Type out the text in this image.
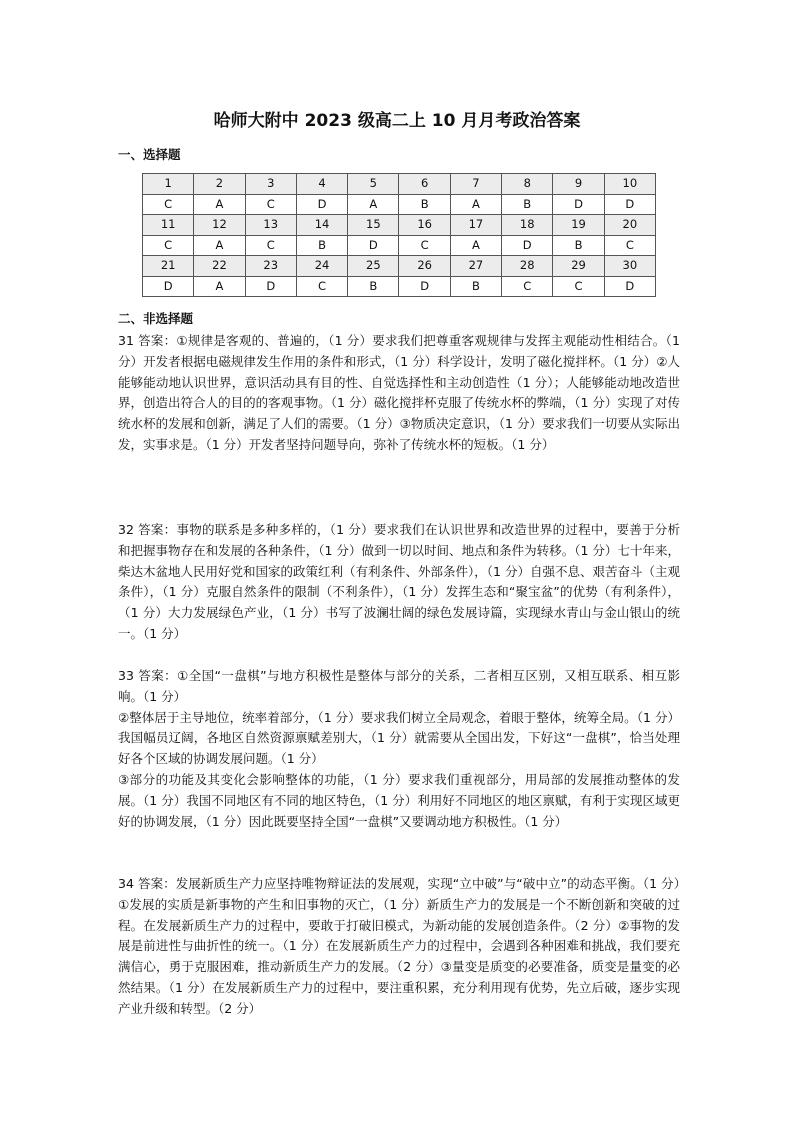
哈师大附中 2023 级高二上 10 月月考政治答案
一、选择题
1	2	3	4	5	6	7	8	9	10
C	A	C	D	A	B	A	B	D	D
11	12	13	14	15	16	17	18	19	20
C	A	C	B	D	C	A	D	B	C
21	22	23	24	25	26	27	28	29	30
D	A	D	C	B	D	B	C	C	D
二、非选择题

31 答案：①规律是客观的、普遍的，（1 分）要求我们把尊重客观规律与发挥主观能动性相结合。（1 分）开发者根据电磁规律发生作用的条件和形式，（1 分）科学设计，发明了磁化搅拌杯。（1 分）②人能够能动地认识世界，意识活动具有目的性、自觉选择性和主动创造性（1 分）；人能够能动地改造世界，创造出符合人的目的的客观事物。（1 分）磁化搅拌杯克服了传统水杯的弊端，（1 分）实现了对传统水杯的发展和创新，满足了人们的需要。（1 分）③物质决定意识，（1 分）要求我们一切要从实际出发，实事求是。（1 分）开发者坚持问题导向，弥补了传统水杯的短板。（1 分）

32 答案：事物的联系是多种多样的，（1 分）要求我们在认识世界和改造世界的过程中，要善于分析和把握事物存在和发展的各种条件，（1 分）做到一切以时间、地点和条件为转移。（1 分）七十年来，柴达木盆地人民用好党和国家的政策红利（有利条件、外部条件），（1 分）自强不息、艰苦奋斗（主观条件），（1 分）克服自然条件的限制（不利条件），（1 分）发挥生态和“聚宝盆”的优势（有利条件），（1 分）大力发展绿色产业，（1 分）书写了波澜壮阔的绿色发展诗篇，实现绿水青山与金山银山的统一。（1 分）

33 答案：①全国“一盘棋”与地方积极性是整体与部分的关系，二者相互区别，又相互联系、相互影响。（1 分）

②整体居于主导地位，统率着部分，（1 分）要求我们树立全局观念，着眼于整体，统筹全局。（1 分）我国幅员辽阔，各地区自然资源禀赋差别大，（1 分）就需要从全国出发，下好这“一盘棋”，恰当处理好各个区域的协调发展问题。（1 分）

③部分的功能及其变化会影响整体的功能，（1 分）要求我们重视部分，用局部的发展推动整体的发展。（1 分）我国不同地区有不同的地区特色，（1 分）利用好不同地区的地区禀赋，有利于实现区域更好的协调发展，（1 分）因此既要坚持全国“一盘棋”又要调动地方积极性。（1 分）

34 答案：发展新质生产力应坚持唯物辩证法的发展观，实现“立中破”与“破中立”的动态平衡。（1 分）①发展的实质是新事物的产生和旧事物的灭亡，（1 分）新质生产力的发展是一个不断创新和突破的过程。在发展新质生产力的过程中，要敢于打破旧模式，为新动能的发展创造条件。（2 分）②事物的发展是前进性与曲折性的统一。（1 分）在发展新质生产力的过程中，会遇到各种困难和挑战，我们要充满信心，勇于克服困难，推动新质生产力的发展。（2 分）③量变是质变的必要准备，质变是量变的必然结果。（1 分）在发展新质生产力的过程中，要注重积累，充分利用现有优势，先立后破，逐步实现产业升级和转型。（2 分）
